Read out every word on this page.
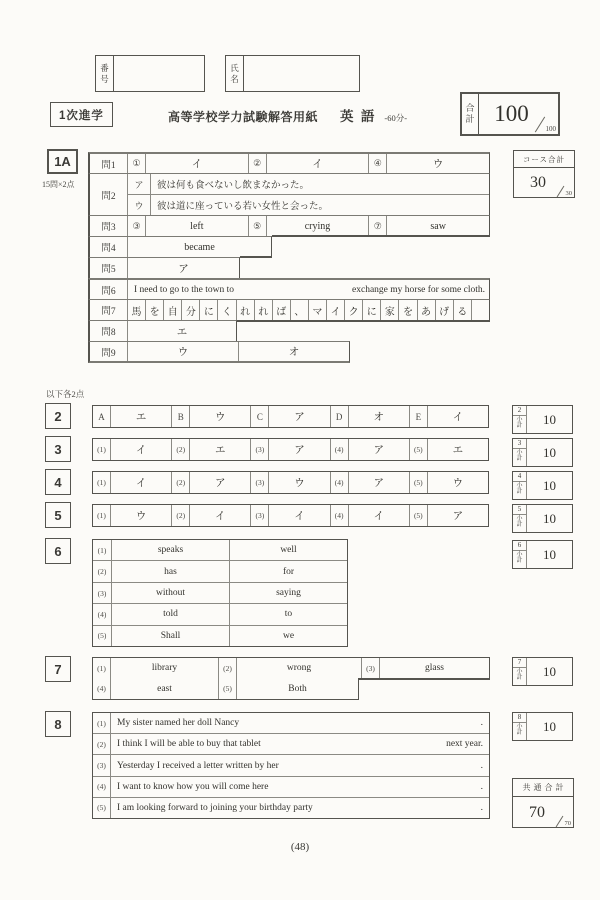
番号
氏名
1次進学	高等学校学力試験解答用紙 英 語 -60分-
合計 100
100
コース合計
30
30
1A
15問×2点
問1	①	イ	②	イ	④	ウ
問2
ア	彼は何も食べないし飲まなかった。
ウ	彼は道に座っている若い女性と会った。
問3	③	left	⑤	crying	⑦	saw
問4	became
問5	ア
問6	I need to go to the town to	exchange my horse for some cloth.
問7	馬 を 自 分 に く れ れ ば 、 マ イ ク に 家 を あ げ る
問8	エ
問9	ウ	オ
以下各2点
2	A	エ	B	ウ	C	ア	D	オ	E	イ
2
小計	10
3	(1)	イ	(2)	エ	(3)	ア	(4)	ア	(5)	エ
3
小計	10
4	(1)	イ	(2)	ア	(3)	ウ	(4)	ア	(5)	ウ
4
小計	10
5	(1)	ウ	(2)	イ	(3)	イ	(4)	イ	(5)	ア
5
小計	10
6	(1)	speaks	well
(2)	has	for
(3)	without	saying
(4)	told	to
(5)	Shall	we
6
小計	10
7	(1)	library	(2)	wrong	(3)	glass
(4)	east	(5)	Both
7
小計	10
8	(1)	My sister named her doll Nancy	.
(2)	I think I will be able to buy that tablet	next year.
(3)	Yesterday I received a letter written by her	.
(4)	I want to know how you will come here	.
(5)	I am looking forward to joining your birthday party	.
8
小計	10
共通合計
70
70
(48)
